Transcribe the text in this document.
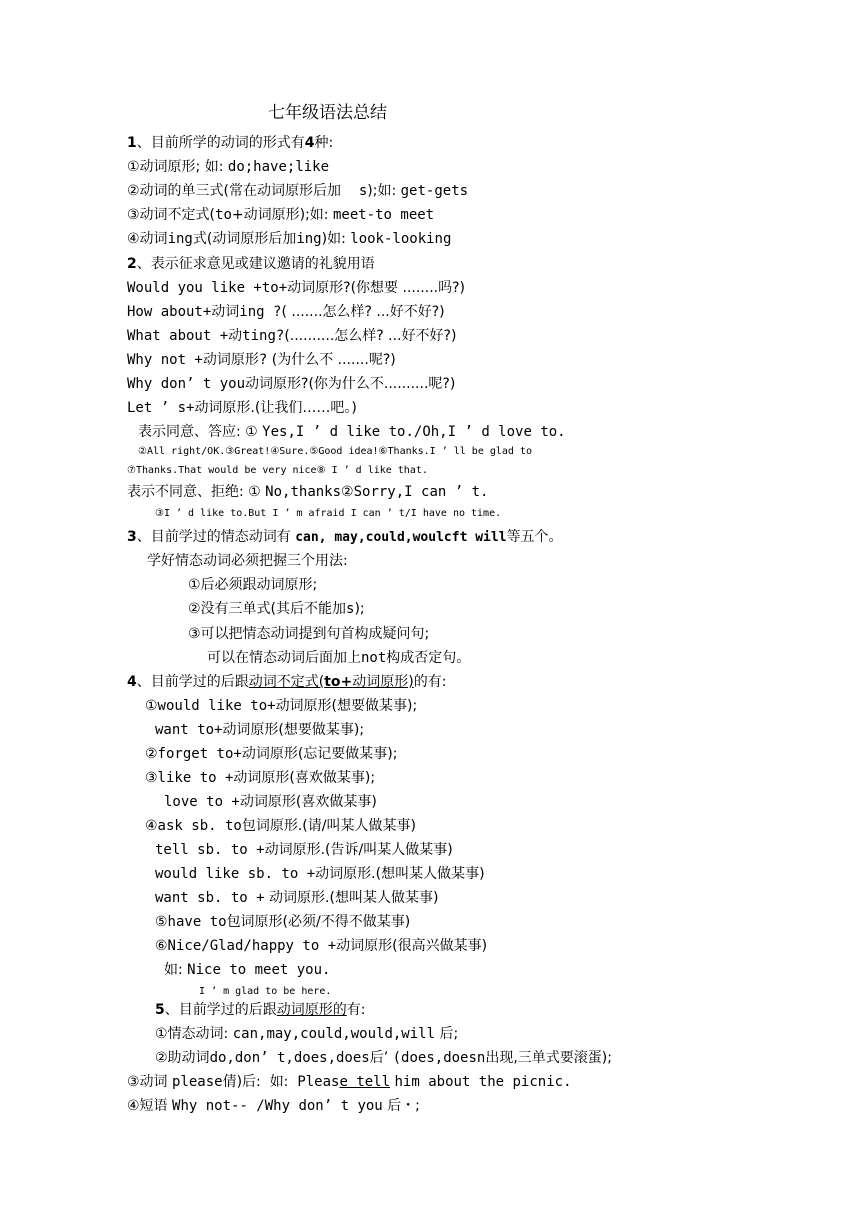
七年级语法总结
1、目前所学的动词的形式有4种:
①动词原形; 如: do;have;like
②动词的单三式(常在动词原形后加 s);如: get-gets
③动词不定式(to+动词原形);如: meet-to meet
④动词ing式(动词原形后加ing)如: look-looking
2、表示征求意见或建议邀请的礼貌用语
Would you like +to+动词原形?(你想要 ........吗?)
How about+动词ing ?( .......怎么样? ...好不好?)
What about +动ting?(..........怎么样? ...好不好?)
Why not +动词原形? (为什么不 .......呢?)
Why don’ t you动词原形?(你为什么不..........呢?)
Let ’ s+动词原形.(让我们……吧。)
表示同意、答应: ① Yes,I ’ d like to./Oh,I ’ d love to.
②All right/OK.③Great!④Sure.⑤Good idea!⑥Thanks.I ’ ll be glad to
⑦Thanks.That would be very nice⑧ I ’ d like that.
表示不同意、拒绝: ① No,thanks②Sorry,I can ’ t.
③I ’ d like to.But I ’ m afraid I can ’ t/I have no time.
3、目前学过的情态动词有 can, may,could,woulcft will等五个。
学好情态动词必须把握三个用法:
①后必须跟动词原形;
②没有三单式(其后不能加s);
③可以把情态动词提到句首构成疑问句;
可以在情态动词后面加上not构成否定句。
4、目前学过的后跟动词不定式(to+动词原形)的有:
①would like to+动词原形(想要做某事);
want to+动词原形(想要做某事);
②forget to+动词原形(忘记要做某事);
③like to +动词原形(喜欢做某事);
love to +动词原形(喜欢做某事)
④ask sb. to包词原形.(请/叫某人做某事)
tell sb. to +动词原形.(告诉/叫某人做某事)
would like sb. to +动词原形.(想叫某人做某事)
want sb. to + 动词原形.(想叫某人做某事)
⑤have to包词原形(必须/不得不做某事)
⑥Nice/Glad/happy to +动词原形(很高兴做某事)
如: Nice to meet you.
I ’ m glad to be here.
5、目前学过的后跟动词原形的有:
①情态动词: can,may,could,would,will 后;
②助动词do,don’ t,does,does后’ (does,doesn出现,三单式要滚蛋);
③动词 please倩)后: 如: Please tell him about the picnic.
④短语 Why not-- /Why don’ t you 后・;
